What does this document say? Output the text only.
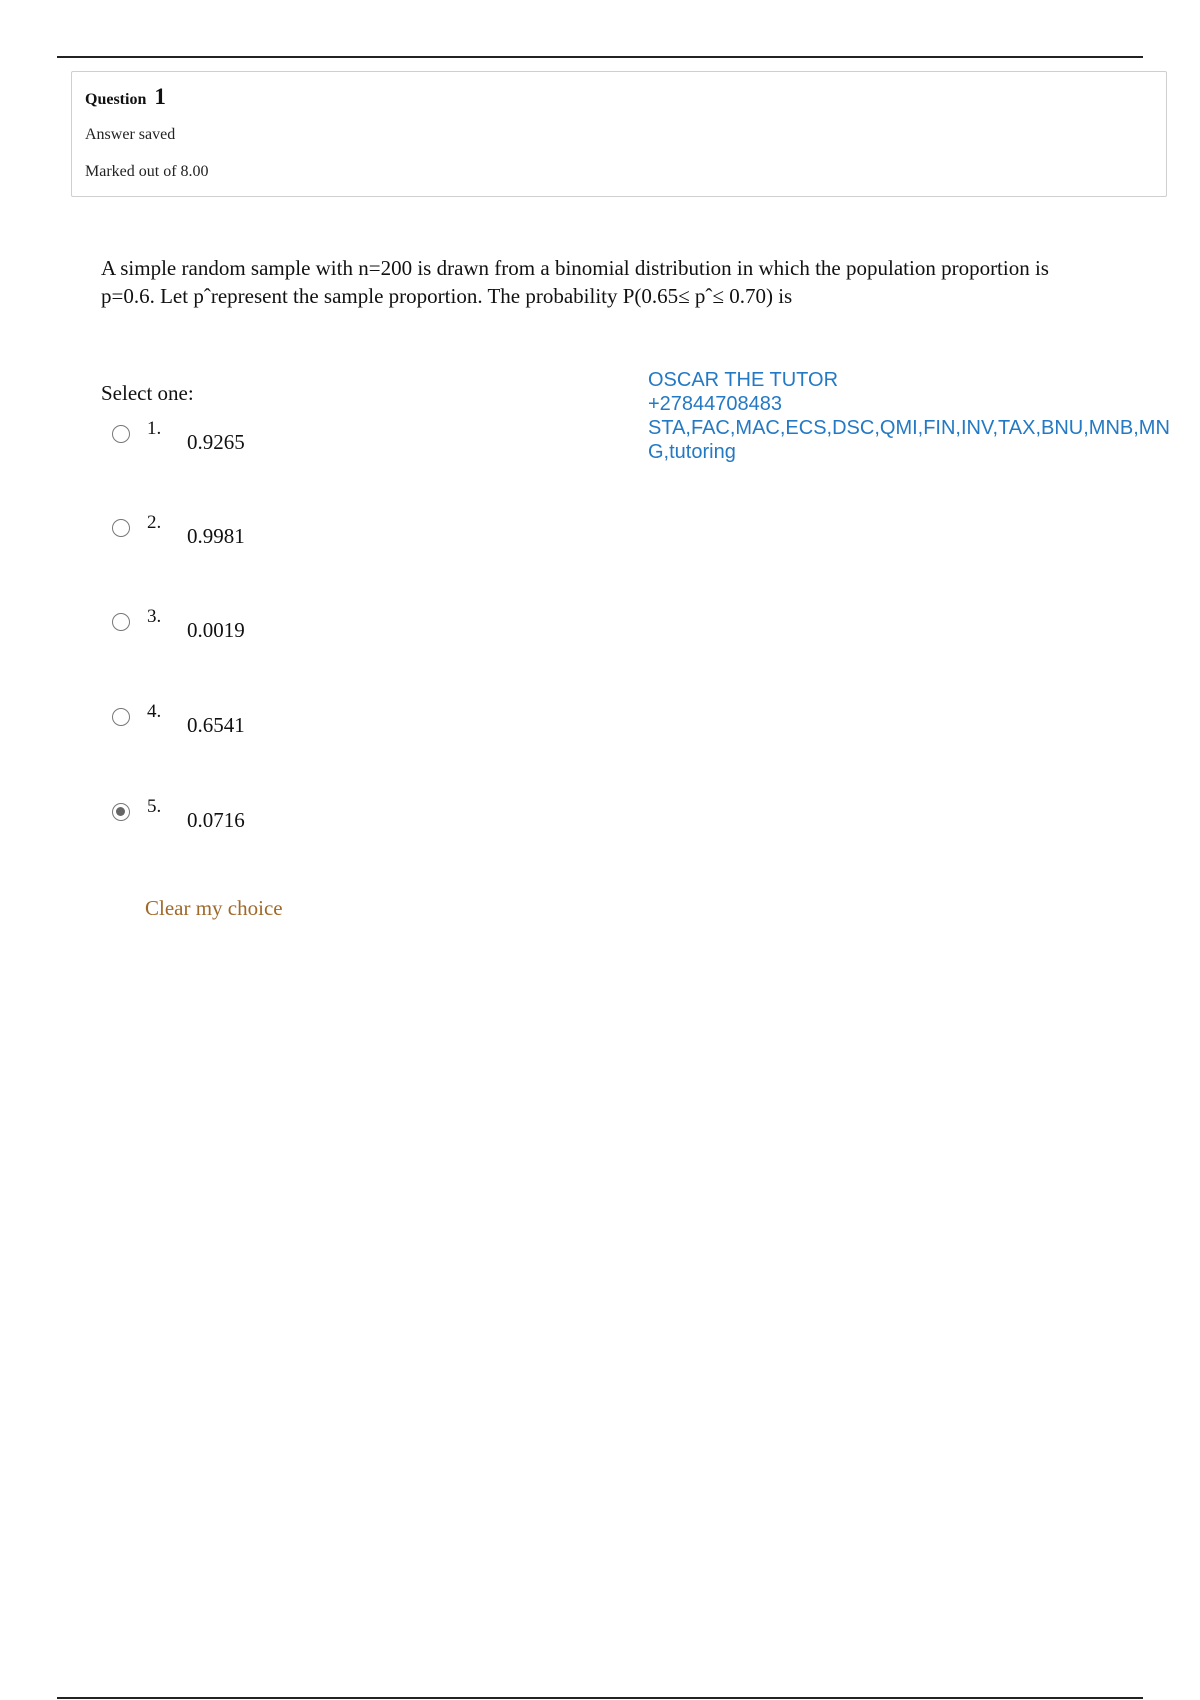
Question 1
Answer saved
Marked out of 8.00
A simple random sample with n=200 is drawn from a binomial distribution in which the population proportion is
p=0.6. Let pˆrepresent the sample proportion. The probability P(0.65≤ pˆ≤ 0.70) is
Select one:
OSCAR THE TUTOR
+27844708483
STA,FAC,MAC,ECS,DSC,QMI,FIN,INV,TAX,BNU,MNB,MN
G,tutoring
1.
0.9265
2.
0.9981
3.
0.0019
4.
0.6541
5.
0.0716
Clear my choice
